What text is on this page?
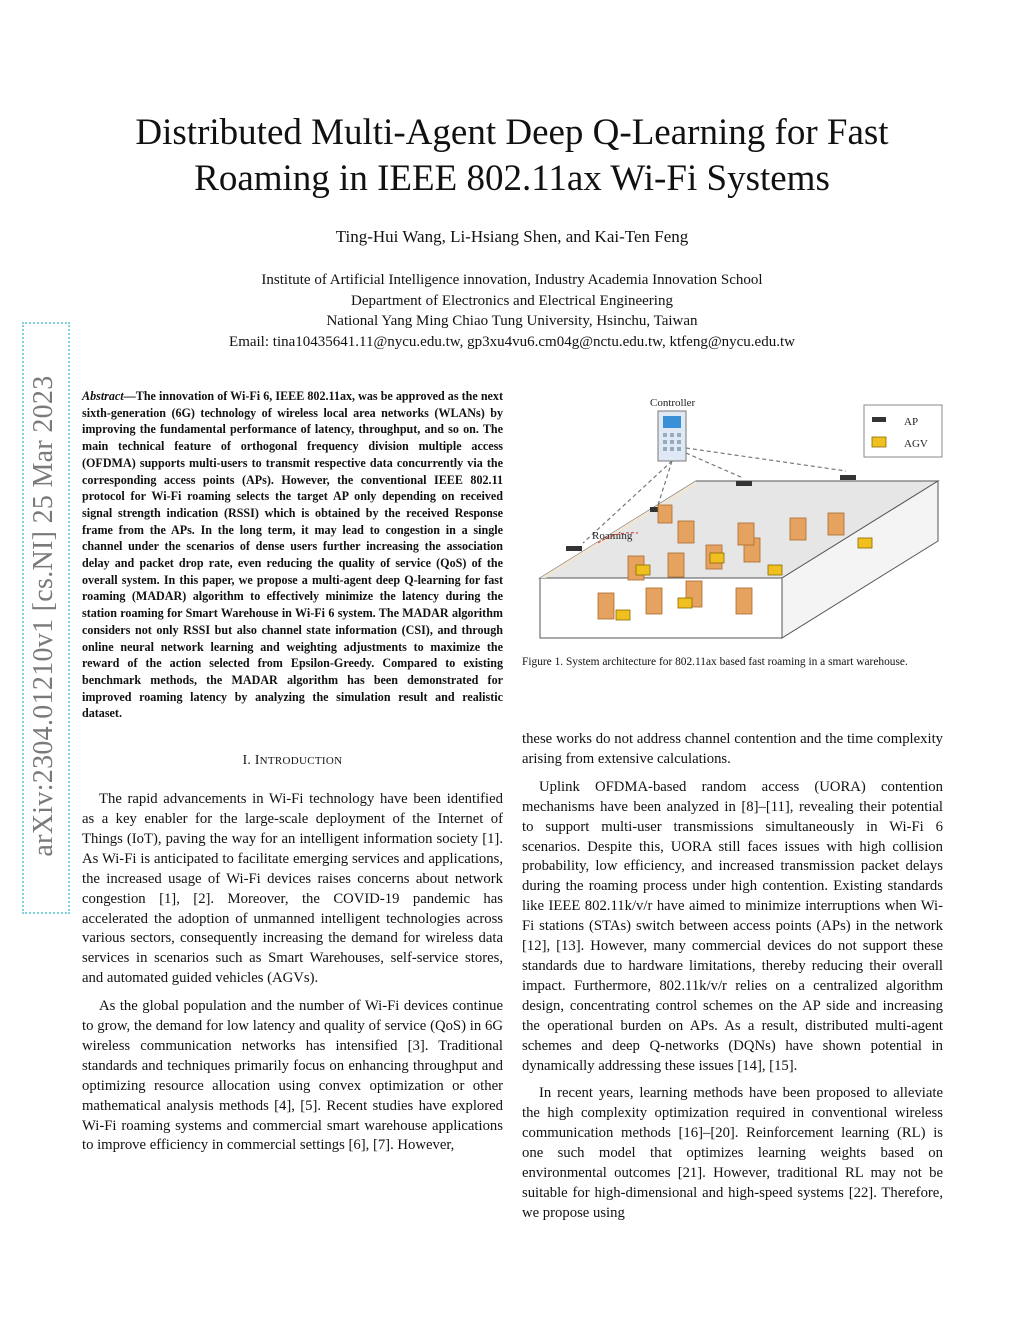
arXiv:2304.01210v1 [cs.NI] 25 Mar 2023
Distributed Multi-Agent Deep Q-Learning for Fast
Roaming in IEEE 802.11ax Wi-Fi Systems
Ting-Hui Wang, Li-Hsiang Shen, and Kai-Ten Feng
Institute of Artificial Intelligence innovation, Industry Academia Innovation School
Department of Electronics and Electrical Engineering
National Yang Ming Chiao Tung University, Hsinchu, Taiwan
Email: tina10435641.11@nycu.edu.tw, gp3xu4vu6.cm04g@nctu.edu.tw, ktfeng@nycu.edu.tw

Abstract—The innovation of Wi-Fi 6, IEEE 802.11ax, was be approved as the next sixth-generation (6G) technology of wireless local area networks (WLANs) by improving the fundamental performance of latency, throughput, and so on. The main technical feature of orthogonal frequency division multiple access (OFDMA) supports multi-users to transmit respective data concurrently via the corresponding access points (APs). However, the conventional IEEE 802.11 protocol for Wi-Fi roaming selects the target AP only depending on received signal strength indication (RSSI) which is obtained by the received Response frame from the APs. In the long term, it may lead to congestion in a single channel under the scenarios of dense users further increasing the association delay and packet drop rate, even reducing the quality of service (QoS) of the overall system. In this paper, we propose a multi-agent deep Q-learning for fast roaming (MADAR) algorithm to effectively minimize the latency during the station roaming for Smart Warehouse in Wi-Fi 6 system. The MADAR algorithm considers not only RSSI but also channel state information (CSI), and through online neural network learning and weighting adjustments to maximize the reward of the action selected from Epsilon-Greedy. Compared to existing benchmark methods, the MADAR algorithm has been demonstrated for improved roaming latency by analyzing the simulation result and realistic dataset.

I. INTRODUCTION

The rapid advancements in Wi-Fi technology have been identified as a key enabler for the large-scale deployment of the Internet of Things (IoT), paving the way for an intelligent information society [1]. As Wi-Fi is anticipated to facilitate emerging services and applications, the increased usage of Wi-Fi devices raises concerns about network congestion [1], [2]. Moreover, the COVID-19 pandemic has accelerated the adoption of unmanned intelligent technologies across various sectors, consequently increasing the demand for wireless data services in scenarios such as Smart Warehouses, self-service stores, and automated guided vehicles (AGVs).

As the global population and the number of Wi-Fi devices continue to grow, the demand for low latency and quality of service (QoS) in 6G wireless communication networks has intensified [3]. Traditional standards and techniques primarily focus on enhancing throughput and optimizing resource allocation using convex optimization or other mathematical analysis methods [4], [5]. Recent studies have explored Wi-Fi roaming systems and commercial smart warehouse applications to improve efficiency in commercial settings [6], [7]. However,

Controller
Roaming
AP
AGV

Figure 1. System architecture for 802.11ax based fast roaming in a smart warehouse.

these works do not address channel contention and the time complexity arising from extensive calculations.

Uplink OFDMA-based random access (UORA) contention mechanisms have been analyzed in [8]–[11], revealing their potential to support multi-user transmissions simultaneously in Wi-Fi 6 scenarios. Despite this, UORA still faces issues with high collision probability, low efficiency, and increased transmission packet delays during the roaming process under high contention. Existing standards like IEEE 802.11k/v/r have aimed to minimize interruptions when Wi-Fi stations (STAs) switch between access points (APs) in the network [12], [13]. However, many commercial devices do not support these standards due to hardware limitations, thereby reducing their overall impact. Furthermore, 802.11k/v/r relies on a centralized algorithm design, concentrating control schemes on the AP side and increasing the operational burden on APs. As a result, distributed multi-agent schemes and deep Q-networks (DQNs) have shown potential in dynamically addressing these issues [14], [15].

In recent years, learning methods have been proposed to alleviate the high complexity optimization required in conventional wireless communication methods [16]–[20]. Reinforcement learning (RL) is one such model that optimizes learning weights based on environmental outcomes [21]. However, traditional RL may not be suitable for high-dimensional and high-speed systems [22]. Therefore, we propose using
